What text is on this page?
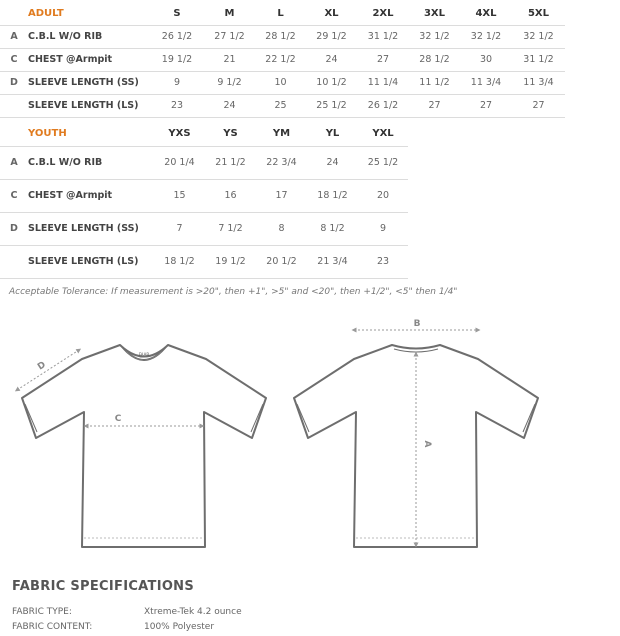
	ADULT	S	M	L	XL	2XL	3XL	4XL	5XL
A	C.B.L W/O RIB	26 1/2	27 1/2	28 1/2	29 1/2	31 1/2	32 1/2	32 1/2	32 1/2
C	CHEST @Armpit	19 1/2	21	22 1/2	24	27	28 1/2	30	31 1/2
D	SLEEVE LENGTH (SS)	9	9 1/2	10	10 1/2	11 1/4	11 1/2	11 3/4	11 3/4
	SLEEVE LENGTH (LS)	23	24	25	25 1/2	26 1/2	27	27	27
	YOUTH	YXS	YS	YM	YL	YXL
A	C.B.L W/O RIB	20 1/4	21 1/2	22 3/4	24	25 1/2
C	CHEST @Armpit	15	16	17	18 1/2	20
D	SLEEVE LENGTH (SS)	7	7 1/2	8	8 1/2	9
	SLEEVE LENGTH (LS)	18 1/2	19 1/2	20 1/2	21 3/4	23
Acceptable Tolerance: If measurement is >20", then +1", >5" and <20", then +1/2", <5" then 1/4"
FAAB
D
C
B
A
FABRIC SPECIFICATIONS
FABRIC TYPE:	Xtreme-Tek 4.2 ounce
FABRIC CONTENT:	100% Polyester
